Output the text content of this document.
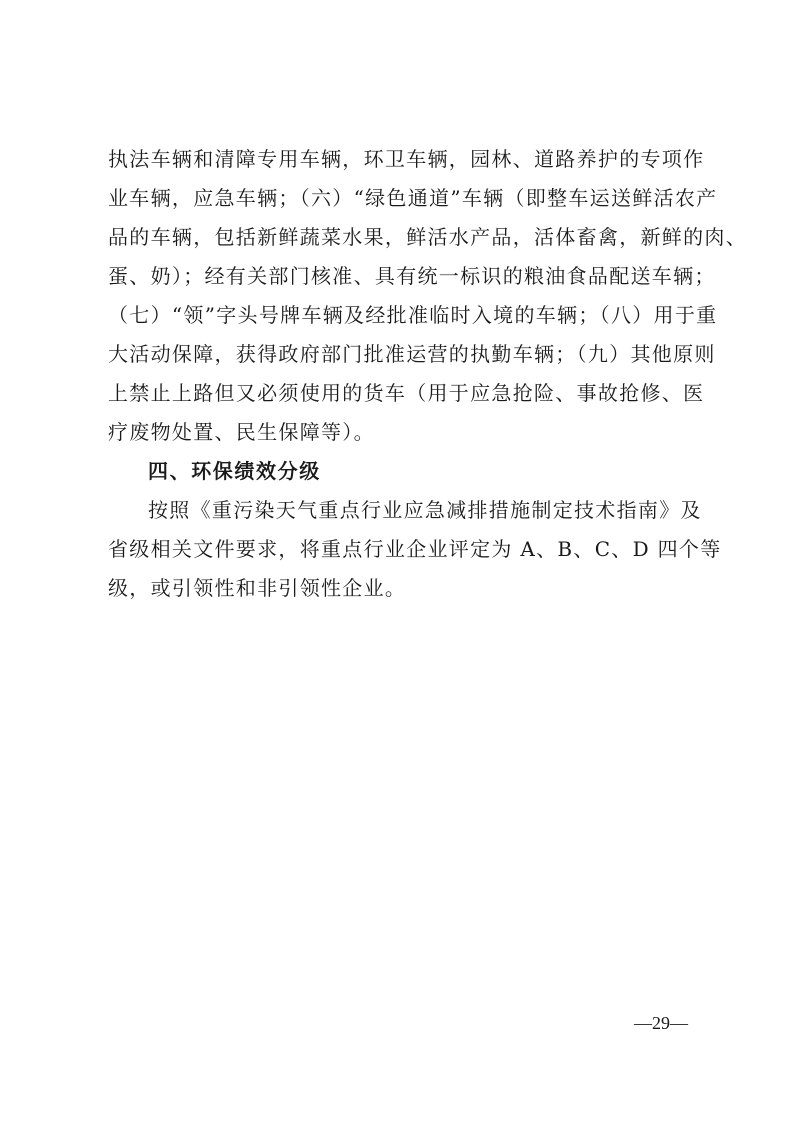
执法车辆和清障专用车辆，环卫车辆，园林、道路养护的专项作
业车辆，应急车辆；（六）“绿色通道”车辆（即整车运送鲜活农产
品的车辆，包括新鲜蔬菜水果，鲜活水产品，活体畜禽，新鲜的肉、
蛋、奶）；经有关部门核准、具有统一标识的粮油食品配送车辆；
（七）“领”字头号牌车辆及经批准临时入境的车辆；（八）用于重
大活动保障，获得政府部门批准运营的执勤车辆；（九）其他原则
上禁止上路但又必须使用的货车（用于应急抢险、事故抢修、医
疗废物处置、民生保障等）。
四、环保绩效分级
按照《重污染天气重点行业应急减排措施制定技术指南》及
省级相关文件要求，将重点行业企业评定为 A、B、C、D 四个等
级，或引领性和非引领性企业。
—29—
